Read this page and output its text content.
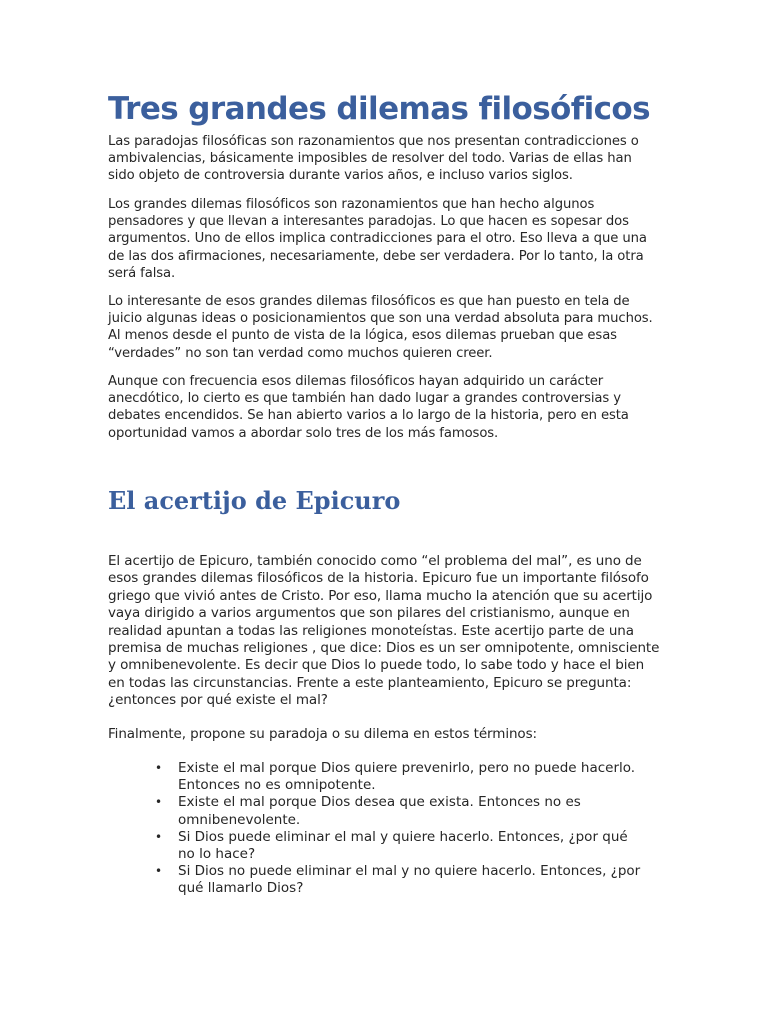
Tres grandes dilemas filosóficos

Las paradojas filosóficas son razonamientos que nos presentan contradicciones o ambivalencias, básicamente imposibles de resolver del todo. Varias de ellas han sido objeto de controversia durante varios años, e incluso varios siglos.

Los grandes dilemas filosóficos son razonamientos que han hecho algunos pensadores y que llevan a interesantes paradojas. Lo que hacen es sopesar dos argumentos. Uno de ellos implica contradicciones para el otro. Eso lleva a que una de las dos afirmaciones, necesariamente, debe ser verdadera. Por lo tanto, la otra será falsa.

Lo interesante de esos grandes dilemas filosóficos es que han puesto en tela de juicio algunas ideas o posicionamientos que son una verdad absoluta para muchos. Al menos desde el punto de vista de la lógica, esos dilemas prueban que esas “verdades” no son tan verdad como muchos quieren creer.

Aunque con frecuencia esos dilemas filosóficos hayan adquirido un carácter anecdótico, lo cierto es que también han dado lugar a grandes controversias y debates encendidos. Se han abierto varios a lo largo de la historia, pero en esta oportunidad vamos a abordar solo tres de los más famosos.

El acertijo de Epicuro

El acertijo de Epicuro, también conocido como “el problema del mal”, es uno de esos grandes dilemas filosóficos de la historia. Epicuro fue un importante filósofo griego que vivió antes de Cristo. Por eso, llama mucho la atención que su acertijo vaya dirigido a varios argumentos que son pilares del cristianismo, aunque en realidad apuntan a todas las religiones monoteístas. Este acertijo parte de una premisa de muchas religiones , que dice: Dios es un ser omnipotente, omnisciente y omnibenevolente. Es decir que Dios lo puede todo, lo sabe todo y hace el bien en todas las circunstancias. Frente a este planteamiento, Epicuro se pregunta: ¿entonces por qué existe el mal?

Finalmente, propone su paradoja o su dilema en estos términos:

• Existe el mal porque Dios quiere prevenirlo, pero no puede hacerlo. Entonces no es omnipotente.
• Existe el mal porque Dios desea que exista. Entonces no es omnibenevolente.
• Si Dios puede eliminar el mal y quiere hacerlo. Entonces, ¿por qué no lo hace?
• Si Dios no puede eliminar el mal y no quiere hacerlo. Entonces, ¿por qué llamarlo Dios?
